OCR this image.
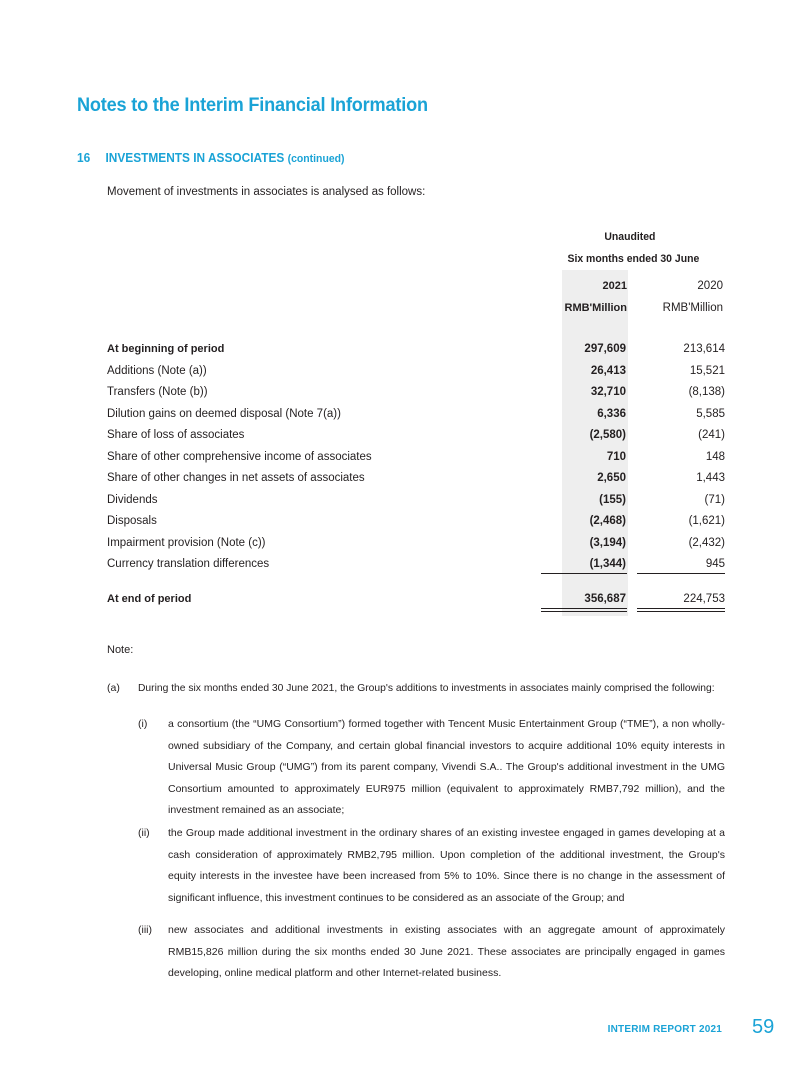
Notes to the Interim Financial Information
16 INVESTMENTS IN ASSOCIATES (continued)
Movement of investments in associates is analysed as follows:
Unaudited
Six months ended 30 June
2021	2020
RMB'Million	RMB'Million
At beginning of period	297,609	213,614
Additions (Note (a))	26,413	15,521
Transfers (Note (b))	32,710	(8,138)
Dilution gains on deemed disposal (Note 7(a))	6,336	5,585
Share of loss of associates	(2,580)	(241)
Share of other comprehensive income of associates	710	148
Share of other changes in net assets of associates	2,650	1,443
Dividends	(155)	(71)
Disposals	(2,468)	(1,621)
Impairment provision (Note (c))	(3,194)	(2,432)
Currency translation differences	(1,344)	945
At end of period	356,687	224,753
Note:
(a) During the six months ended 30 June 2021, the Group's additions to investments in associates mainly comprised the following:
(i) a consortium (the “UMG Consortium”) formed together with Tencent Music Entertainment Group (“TME”), a non wholly-owned subsidiary of the Company, and certain global financial investors to acquire additional 10% equity interests in Universal Music Group (“UMG”) from its parent company, Vivendi S.A.. The Group's additional investment in the UMG Consortium amounted to approximately EUR975 million (equivalent to approximately RMB7,792 million), and the investment remained as an associate;
(ii) the Group made additional investment in the ordinary shares of an existing investee engaged in games developing at a cash consideration of approximately RMB2,795 million. Upon completion of the additional investment, the Group's equity interests in the investee have been increased from 5% to 10%. Since there is no change in the assessment of significant influence, this investment continues to be considered as an associate of the Group; and
(iii) new associates and additional investments in existing associates with an aggregate amount of approximately RMB15,826 million during the six months ended 30 June 2021. These associates are principally engaged in games developing, online medical platform and other Internet-related business.
INTERIM REPORT 2021 59
